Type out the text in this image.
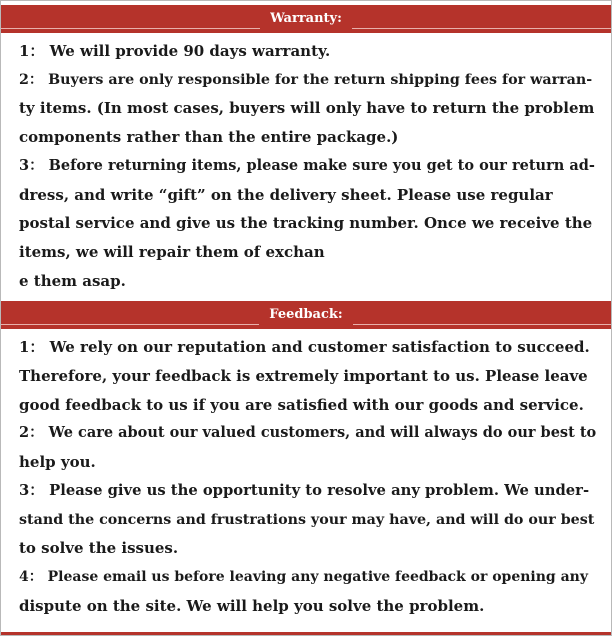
Warranty:
1： We will provide 90 days warranty.
2： Buyers are only responsible for the return shipping fees for warran-
ty items. (In most cases, buyers will only have to return the problem
components rather than the entire package.)
3： Before returning items, please make sure you get to our return ad-
dress, and write “gift” on the delivery sheet. Please use regular
postal service and give us the tracking number. Once we receive the
items, we will repair them of exchan
e them asap.
Feedback:
1： We rely on our reputation and customer satisfaction to succeed.
Therefore, your feedback is extremely important to us. Please leave
good feedback to us if you are satisfied with our goods and service.
2： We care about our valued customers, and will always do our best to
help you.
3： Please give us the opportunity to resolve any problem. We under-
stand the concerns and frustrations your may have, and will do our best
to solve the issues.
4： Please email us before leaving any negative feedback or opening any
dispute on the site. We will help you solve the problem.
